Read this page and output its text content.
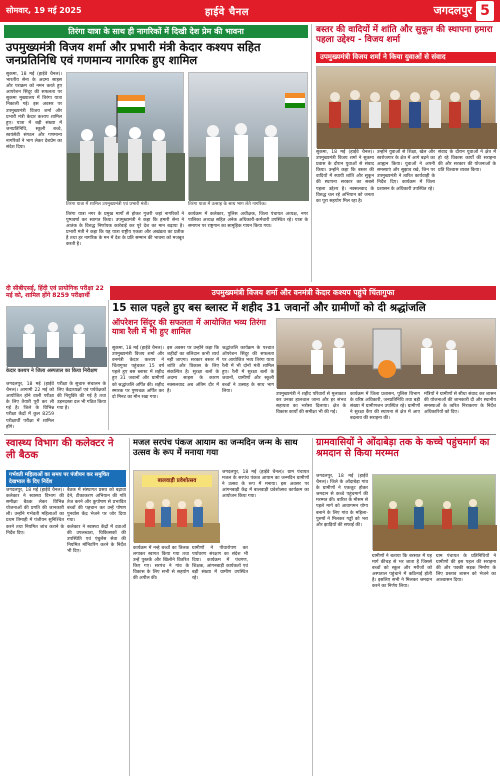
सोमवार, 19 मई 2025	हाईवे चैनल	जगदलपुर 5
तिरंगा यात्रा के साथ ही नागरिकों में दिखी देश प्रेम की भावना
उपमुख्यमंत्री विजय शर्मा और प्रभारी मंत्री केदार कश्यप सहित जनप्रतिनिधि एवं गणमान्य नागरिक हुए शामिल

सुकमा, 18 मई (हाईवे चैनल)। भारतीय सेना के अदम्य साहस और पराक्रम को नमन करते हुए आपरेशन सिंदूर की सफलता पर सुकमा मुख्यालय में तिरंगा यात्रा निकाली गई। इस अवसर पर उपमुख्यमंत्री विजय शर्मा और प्रभारी मंत्री केदार कश्यप शामिल हुए। यात्रा में बड़ी संख्या में जनप्रतिनिधि, स्कूली बच्चे, स्वयंसेवी संगठन और गणमान्य नागरिकों ने भाग लेकर देशप्रेम का संदेश दिया।

तिरंगा यात्रा में शामिल उपमुख्यमंत्री एवं प्रभारी मंत्री।	तिरंगा यात्रा में उत्साह के साथ भाग लेते नागरिक।

तिरंगा यात्रा नगर के प्रमुख मार्गों से होकर गुजरी जहां नागरिकों ने पुष्पवर्षा कर स्वागत किया। उपमुख्यमंत्री ने कहा कि हमारी सेना ने आतंक के विरुद्ध निर्णायक कार्रवाई कर पूरे देश का मान बढ़ाया है। प्रभारी मंत्री ने कहा कि यह यात्रा राष्ट्रीय एकता और अखंडता का प्रतीक है तथा हर नागरिक के मन में देश के प्रति सम्मान की भावना को मजबूत करती है।

कार्यक्रम में कलेक्टर, पुलिस अधीक्षक, जिला पंचायत अध्यक्ष, नगर पालिका अध्यक्ष सहित अनेक अधिकारी-कर्मचारी उपस्थित रहे। यात्रा के समापन पर राष्ट्रगान का सामूहिक गायन किया गया।

बस्तर की वादियों में शांति और सुकून की स्थापना हमारा पहला उद्देश्य - विजय शर्मा
उपमुख्यमंत्री विजय शर्मा ने किया युवाओं से संवाद

सुकमा, 18 मई (हाईवे चैनल)। उपमुख्यमंत्री विजय शर्मा ने सुकमा प्रवास के दौरान युवाओं से संवाद किया। उन्होंने कहा कि बस्तर की वादियों में स्थायी शांति और सुकून की स्थापना सरकार का सबसे पहला उद्देश्य है। नक्सलवाद के विरुद्ध चल रहे अभियान को जनता का पूरा सहयोग मिल रहा है।

उन्होंने युवाओं से शिक्षा, खेल और स्वरोजगार के क्षेत्र में आगे बढ़ने का आह्वान किया। युवाओं ने अपनी समस्याएं और सुझाव रखे, जिन पर उपमुख्यमंत्री ने त्वरित कार्यवाही के निर्देश दिए। कार्यक्रम में जिला प्रशासन के अधिकारी उपस्थित रहे।

संवाद के दौरान युवाओं ने क्षेत्र में हो रहे विकास कार्यों की सराहना की और सरकार की योजनाओं के प्रति विश्वास व्यक्त किया।

उपमुख्यमंत्री विजय शर्मा और वनमंत्री केदार कश्यप पहुंचे चिंतागुफा
दी सीबीएसई, हिंदी एवं प्रायोगिक परीक्षा 22 मई को, शामिल होंगे 8259 परीक्षार्थी
केदार कश्यप ने जिला अस्पताल का किया निरीक्षण

जगदलपुर, 18 मई (हाईवे चैनल)। आगामी 22 मई को आयोजित होने वाली परीक्षा के लिए तैयारी पूरी कर ली गई है। जिले के विभिन्न परीक्षा केंद्रों में कुल 8259 परीक्षार्थी परीक्षा में शामिल होंगे।

परीक्षा के सुचारु संचालन के लिए केंद्राध्यक्षों एवं पर्यवेक्षकों की नियुक्ति की गई है तथा उड़नदस्ता दल भी गठित किया गया है।

15 साल पहले हुए बस ब्लास्ट में शहीद 31 जवानों और ग्रामीणों को दी श्रद्धांजलि
ऑपरेशन सिंदूर की सफलता में आयोजित भव्य तिरंगा यात्रा रैली में भी हुए शामिल

सुकमा, 18 मई (हाईवे चैनल)। उपमुख्यमंत्री विजय शर्मा और वनमंत्री केदार कश्यप ने चिंतागुफा पहुंचकर 15 वर्ष पहले हुए बस ब्लास्ट में शहीद हुए 31 जवानों और ग्रामीणों को श्रद्धांजलि अर्पित की। शहीद स्मारक पर पुष्पचक्र अर्पित कर दो मिनट का मौन रखा गया।

इस अवसर पर उन्होंने कहा कि शहीदों का बलिदान कभी व्यर्थ नहीं जाएगा। सरकार बस्तर में शांति और विकास के लिए संकल्पित है। सुरक्षा बलों के अदम्य साहस के कारण नक्सलवाद अब अंतिम दौर में है।

श्रद्धांजलि कार्यक्रम के पश्चात ऑपरेशन सिंदूर की सफलता पर आयोजित भव्य तिरंगा यात्रा रैली में भी दोनों मंत्री शामिल हुए। रैली में सुरक्षा बलों के जवानों, ग्रामीणों और स्कूली बच्चों ने उत्साह के साथ भाग लिया।

उपमुख्यमंत्री ने शहीद परिवारों से मुलाकात कर उनका हालचाल जाना और हर संभव सहायता का भरोसा दिलाया। क्षेत्र के विकास कार्यों की समीक्षा भी की गई।

कार्यक्रम में जिला प्रशासन, पुलिस विभाग के वरिष्ठ अधिकारी, जनप्रतिनिधि तथा बड़ी संख्या में ग्रामीणजन उपस्थित रहे। ग्रामीणों ने सुरक्षा कैंप की स्थापना से क्षेत्र में आए बदलाव की सराहना की।

मंत्रियों ने ग्रामीणों से सीधा संवाद कर शासन की योजनाओं की जानकारी दी और स्थानीय समस्याओं के त्वरित निराकरण के निर्देश अधिकारियों को दिए।

स्वास्थ्य विभाग की कलेक्टर ने ली बैठक
गर्भवती महिलाओं का समय पर पंजीयन कर समुचित देखभाल के दिए निर्देश

जगदलपुर, 18 मई (हाईवे चैनल)। कलेक्टर ने स्वास्थ्य विभाग की समीक्षा बैठक लेकर विभिन्न योजनाओं की प्रगति की जानकारी ली। उन्होंने गर्भवती महिलाओं का प्रथम तिमाही में पंजीयन सुनिश्चित करने तथा नियमित जांच कराने के निर्देश दिए।

बैठक में संस्थागत प्रसव को बढ़ावा देने, टीकाकरण अभियान की गति तेज करने और कुपोषण से प्रभावित बच्चों की पहचान कर उन्हें पोषण पुनर्वास केंद्र भेजने पर जोर दिया गया।

कलेक्टर ने स्वास्थ्य केंद्रों में दवाओं की उपलब्धता, चिकित्सकों की उपस्थिति एवं एंबुलेंस सेवा की नियमित मॉनिटरिंग करने के निर्देश भी दिए।

मजल सरपंच पंकज आयाम का जन्मदिन जन्म के साथ उत्सव के रूप में मनाया गया
बालवाड़ी प्रवेशोत्सव

जगदलपुर, 18 मई (हाईवे चैनल)। ग्राम पंचायत मजल के सरपंच पंकज आयाम का जन्मदिन ग्रामीणों ने उत्सव के रूप में मनाया। इस अवसर पर आंगनबाड़ी केंद्र में बालवाड़ी प्रवेशोत्सव कार्यक्रम का आयोजन किया गया।

कार्यक्रम में नन्हे बच्चों का तिलक लगाकर स्वागत किया गया तथा उन्हें पुस्तकें और खिलौने वितरित किए गए। सरपंच ने गांव के विकास के लिए सभी से सहयोग की अपील की।

ग्रामीणों ने पौधारोपण कर पर्यावरण संरक्षण का संदेश भी दिया। कार्यक्रम में पंचगण, शिक्षक, आंगनबाड़ी कार्यकर्ता एवं बड़ी संख्या में ग्रामीण उपस्थित रहे।

ग्रामवासियों ने ओंदाबेड़ा तक के कच्चे पहुंचमार्ग का श्रमदान से किया मरम्मत

जगदलपुर, 18 मई (हाईवे चैनल)। जिले के ओंदाबेड़ा गांव के ग्रामीणों ने एकजुट होकर श्रमदान से कच्चे पहुंचमार्ग की मरम्मत की। बारिश के मौसम से पहले मार्ग को आवागमन योग्य बनाने के लिए गांव के महिला-पुरुषों ने मिलकर गड्ढों को भरा और झाड़ियों की सफाई की।

ग्रामीणों ने बताया कि बरसात में यह मार्ग कीचड़ से भर जाता है जिससे बच्चों को स्कूल और मरीजों को अस्पताल पहुंचाने में कठिनाई होती है। इसलिए सभी ने मिलकर श्रमदान करने का निर्णय लिया।

ग्राम पंचायत के प्रतिनिधियों ने ग्रामीणों की इस पहल की सराहना की और पक्की सड़क निर्माण के लिए प्रस्ताव शासन को भेजने का आश्वासन दिया।
